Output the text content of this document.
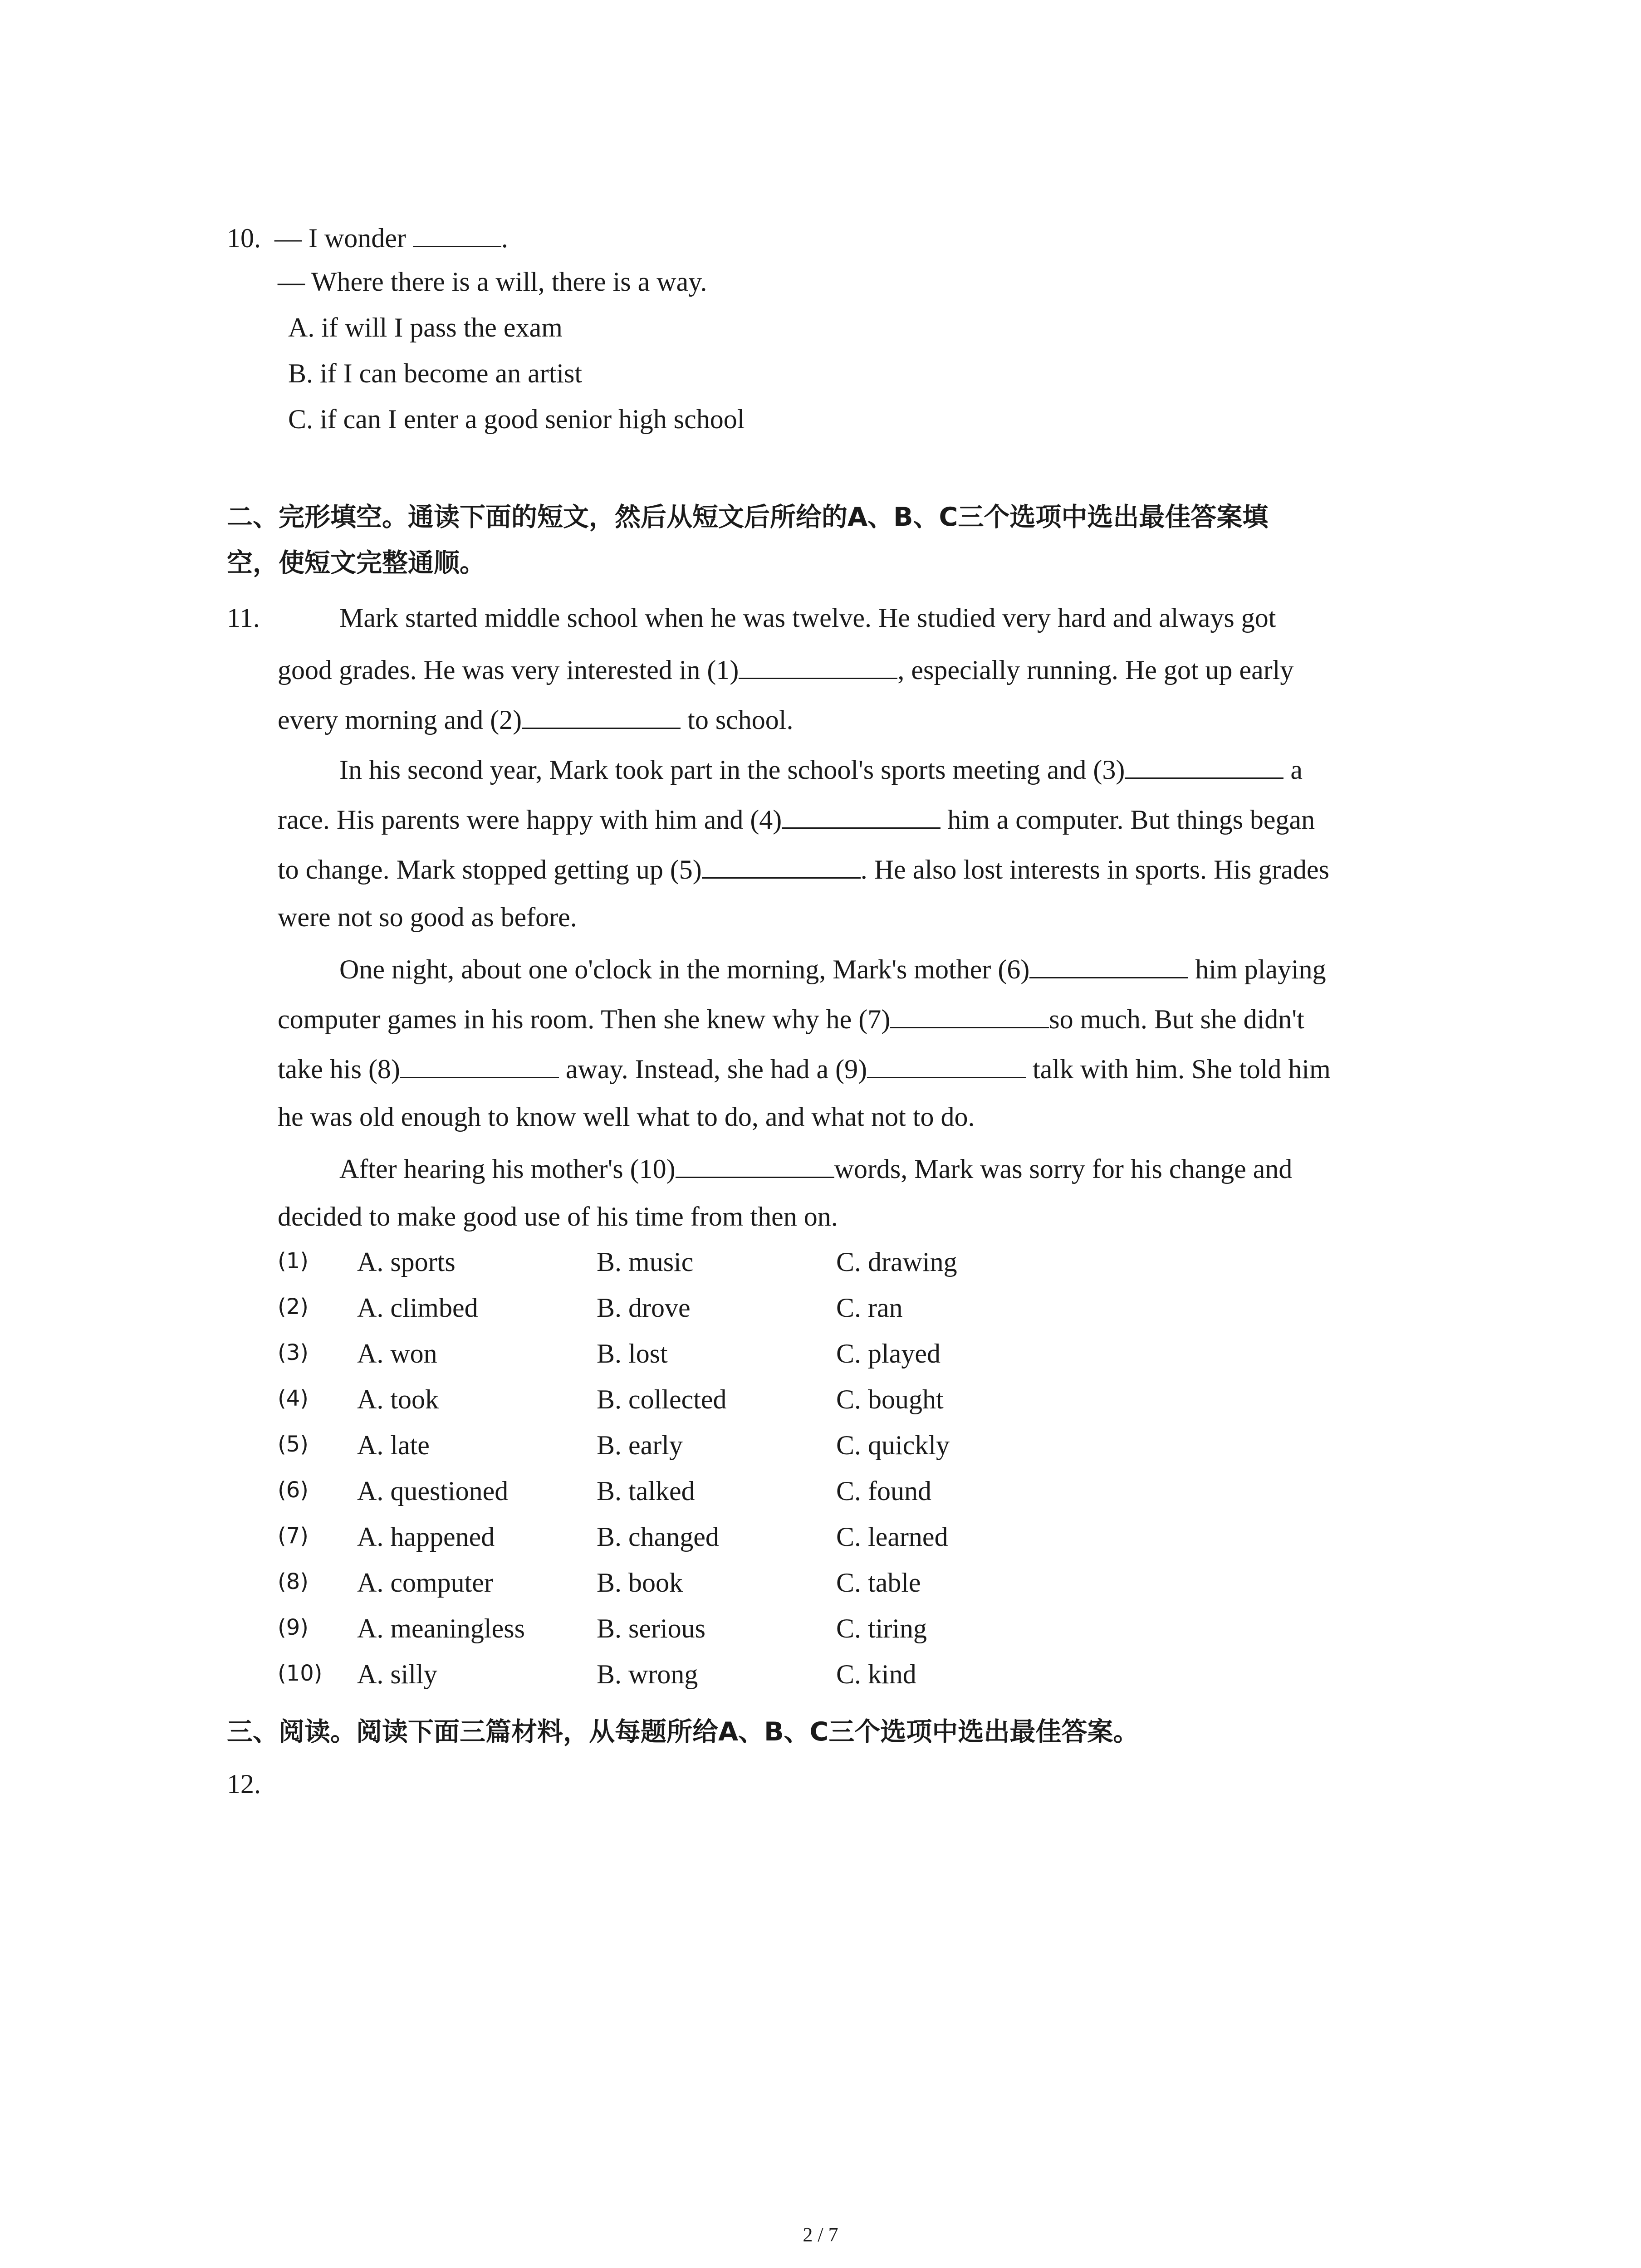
10. — I wonder	.
— Where there is a will, there is a way.
A. if will I pass the exam
B. if I can become an artist
C. if can I enter a good senior high school
二、完形填空。通读下面的短文，然后从短文后所给的A、B、C三个选项中选出最佳答案填
空，使短文完整通顺。
11.	Mark started middle school when he was twelve. He studied very hard and always got
good grades. He was very interested in (1)	, especially running. He got up early
every morning and (2)	to school.
In his second year, Mark took part in the school's sports meeting and (3)	a
race. His parents were happy with him and (4)	him a computer. But things began
to change. Mark stopped getting up (5)	. He also lost interests in sports. His grades
were not so good as before.
One night, about one o'clock in the morning, Mark's mother (6)	him playing
computer games in his room. Then she knew why he (7)	so much. But she didn't
take his (8)	away. Instead, she had a (9)	talk with him. She told him
he was old enough to know well what to do, and what not to do.
After hearing his mother's (10)	words, Mark was sorry for his change and
decided to make good use of his time from then on.
(1) A. sports	B. music	C. drawing
(2) A. climbed	B. drove	C. ran
(3) A. won	B. lost	C. played
(4) A. took	B. collected	C. bought
(5) A. late	B. early	C. quickly
(6) A. questioned	B. talked	C. found
(7) A. happened	B. changed	C. learned
(8) A. computer	B. book	C. table
(9) A. meaningless	B. serious	C. tiring
(10) A. silly	B. wrong	C. kind
三、阅读。阅读下面三篇材料，从每题所给A、B、C三个选项中选出最佳答案。
12.
2 / 7
